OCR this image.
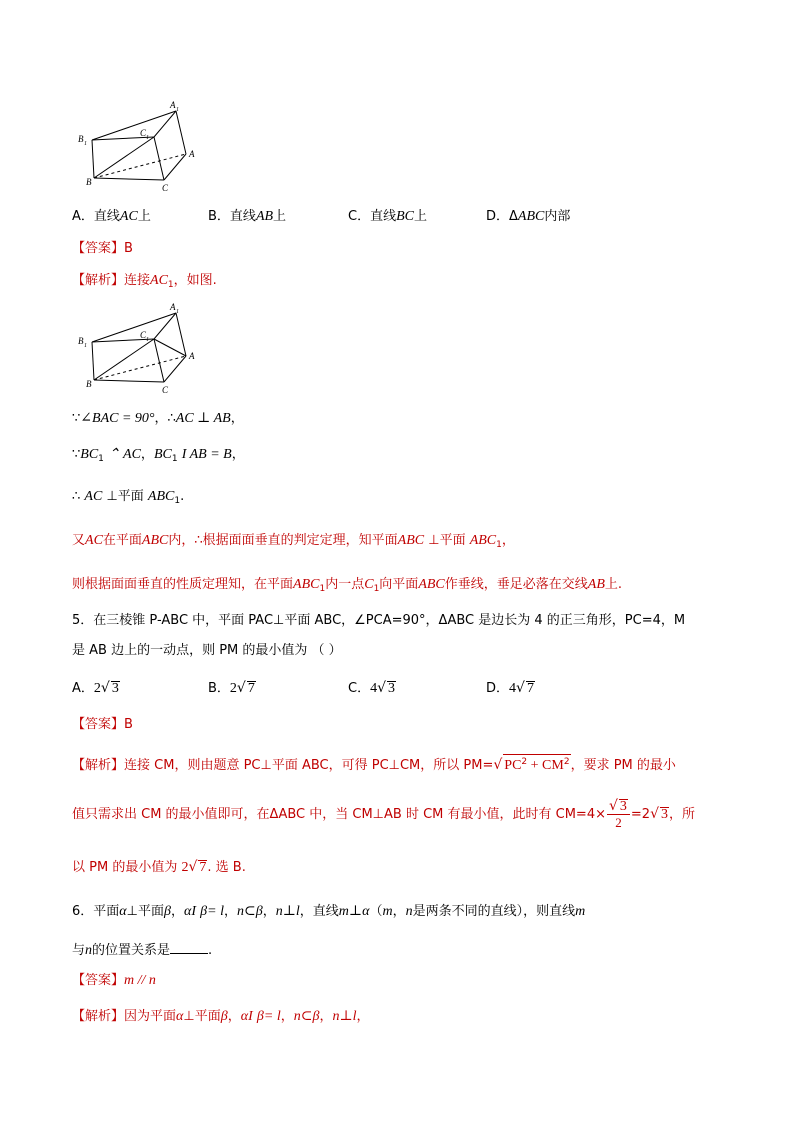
A 1
B 1
C 1
A
B
C
A．直线AC上	B．直线AB上	C．直线BC上	D．ΔABC内部
【答案】B
【解析】连接$AC_1$，如图.
A 1
B 1
C 1
A
B
C
∵∠BAC = 90°，∴AC ⊥ AB，
$\because BC_1$ ⌃ AC，$BC_1$ I AB = B，
∴ AC ⊥平面 $ABC_1$.
又AC在平面ABC内，∴根据面面垂直的判定定理，知平面ABC ⊥平面 $ABC_1$，
则根据面面垂直的性质定理知，在平面$ABC_1$内一点$C_1$向平面ABC作垂线，垂足必落在交线AB上.
5．在三棱锥 P-ABC 中，平面 PAC⊥平面 ABC，∠PCA=90°，ΔABC 是边长为 4 的正三角形，PC=4，M
是 AB 边上的一动点，则 PM 的最小值为 （ ）
A．2√ 3	B．2√ 7	C．4√ 3	D．4√ 7
【答案】B
【解析】连接 CM，则由题意 PC⊥平面 ABC，可得 PC⊥CM，所以 PM=√ $PC^2 + CM^2$，要求 PM 的最小
值只需求出 CM 的最小值即可，在ΔABC 中，当 CM⊥AB 时 CM 有最小值，此时有 $CM=4\times \frac{√ 3}{2} =2√$ 3，所
以 PM 的最小值为 2√ 7. 选 B.
6．平面α⊥平面β，αI β= l，n⊂β，n⊥l，直线m⊥α（m，n是两条不同的直线），则直线m
与n的位置关系是	.
【答案】m // n
【解析】因为平面α⊥平面β，αI β= l，n⊂β，n⊥l，
